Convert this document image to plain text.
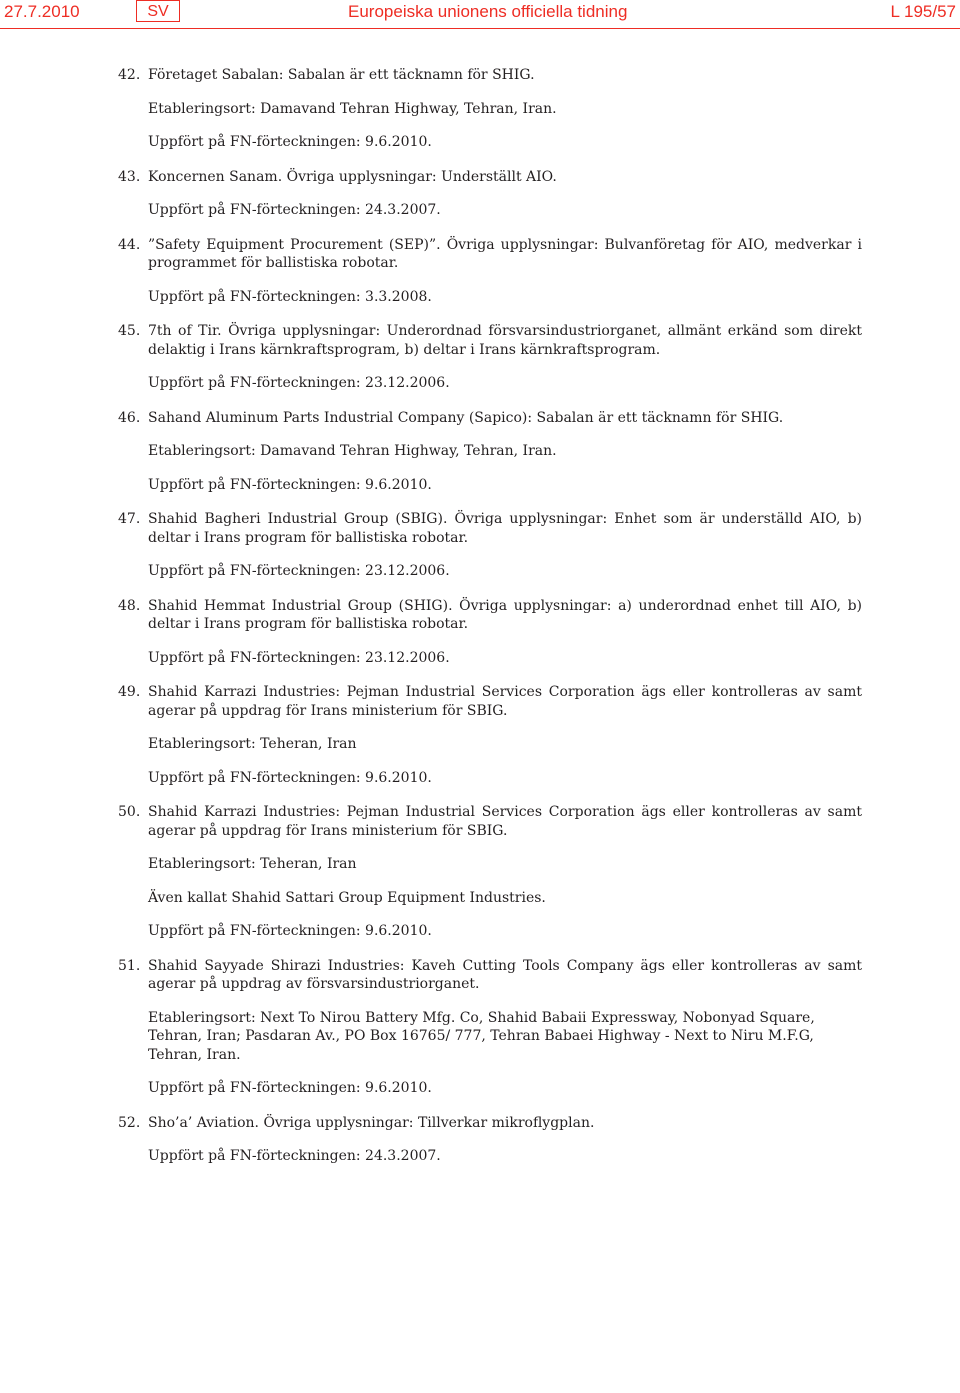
27.7.2010	SV	Europeiska unionens officiella tidning	L 195/57

42. Företaget Sabalan: Sabalan är ett täcknamn för SHIG.

Etableringsort: Damavand Tehran Highway, Tehran, Iran.

Uppfört på FN-förteckningen: 9.6.2010.

43. Koncernen Sanam. Övriga upplysningar: Underställt AIO.

Uppfört på FN-förteckningen: 24.3.2007.

44. ”Safety Equipment Procurement (SEP)”. Övriga upplysningar: Bulvanföretag för AIO, medverkar i programmet för ballistiska robotar.

Uppfört på FN-förteckningen: 3.3.2008.

45. 7th of Tir. Övriga upplysningar: Underordnad försvarsindustriorganet, allmänt erkänd som direkt delaktig i Irans kärnkraftsprogram, b) deltar i Irans kärnkraftsprogram.

Uppfört på FN-förteckningen: 23.12.2006.

46. Sahand Aluminum Parts Industrial Company (Sapico): Sabalan är ett täcknamn för SHIG.

Etableringsort: Damavand Tehran Highway, Tehran, Iran.

Uppfört på FN-förteckningen: 9.6.2010.

47. Shahid Bagheri Industrial Group (SBIG). Övriga upplysningar: Enhet som är underställd AIO, b) deltar i Irans program för ballistiska robotar.

Uppfört på FN-förteckningen: 23.12.2006.

48. Shahid Hemmat Industrial Group (SHIG). Övriga upplysningar: a) underordnad enhet till AIO, b) deltar i Irans program för ballistiska robotar.

Uppfört på FN-förteckningen: 23.12.2006.

49. Shahid Karrazi Industries: Pejman Industrial Services Corporation ägs eller kontrolleras av samt agerar på uppdrag för Irans ministerium för SBIG.

Etableringsort: Teheran, Iran

Uppfört på FN-förteckningen: 9.6.2010.

50. Shahid Karrazi Industries: Pejman Industrial Services Corporation ägs eller kontrolleras av samt agerar på uppdrag för Irans ministerium för SBIG.

Etableringsort: Teheran, Iran

Även kallat Shahid Sattari Group Equipment Industries.

Uppfört på FN-förteckningen: 9.6.2010.

51. Shahid Sayyade Shirazi Industries: Kaveh Cutting Tools Company ägs eller kontrolleras av samt agerar på uppdrag av försvarsindustriorganet.

Etableringsort: Next To Nirou Battery Mfg. Co, Shahid Babaii Expressway, Nobonyad Square, Tehran, Iran; Pasdaran Av., PO Box 16765/ 777, Tehran Babaei Highway - Next to Niru M.F.G, Tehran, Iran.

Uppfört på FN-förteckningen: 9.6.2010.

52. Sho’a’ Aviation. Övriga upplysningar: Tillverkar mikroflygplan.

Uppfört på FN-förteckningen: 24.3.2007.
